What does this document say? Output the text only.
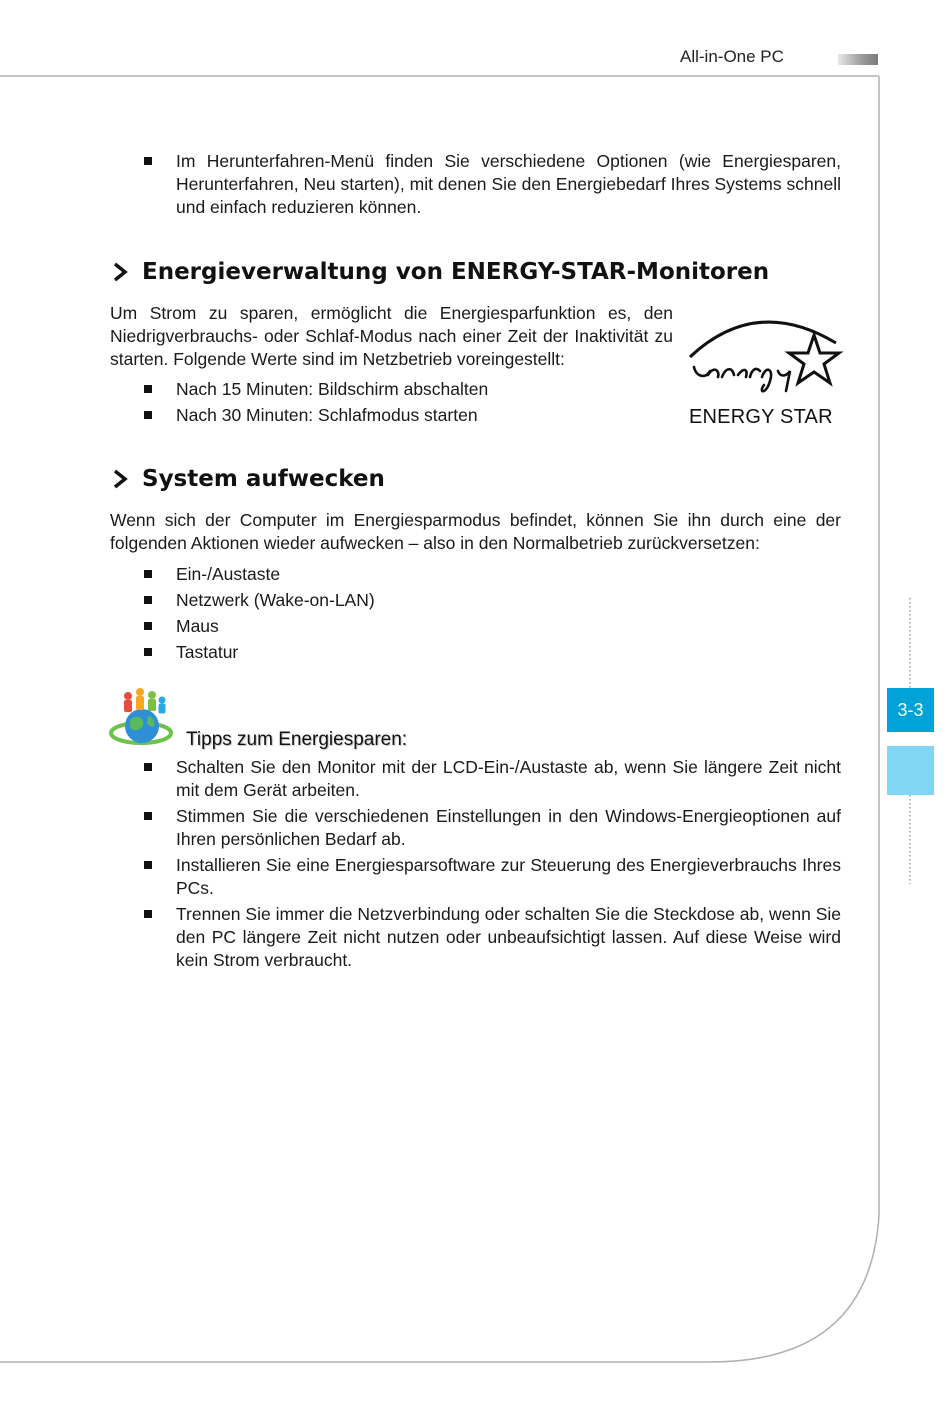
All-in-One PC
Im Herunterfahren-Menü finden Sie verschiedene Optionen (wie Energiesparen, Herunterfahren, Neu starten), mit denen Sie den Energiebedarf Ihres Systems schnell und einfach reduzieren können.
Energieverwaltung von ENERGY-STAR-Monitoren

Um Strom zu sparen, ermöglicht die Energiesparfunktion es, den Niedrigverbrauchs- oder Schlaf-Modus nach einer Zeit der Inaktivität zu starten. Folgende Werte sind im Netzbetrieb voreingestellt:

Nach 15 Minuten: Bildschirm abschalten
Nach 30 Minuten: Schlafmodus starten	ENERGY STAR
System aufwecken

Wenn sich der Computer im Energiesparmodus befindet, können Sie ihn durch eine der folgenden Aktionen wieder aufwecken – also in den Normalbetrieb zurückversetzen:

Ein-/Austaste
Netzwerk (Wake-on-LAN)
Maus
Tastatur
Tipps zum Energiesparen:
Schalten Sie den Monitor mit der LCD-Ein-/Austaste ab, wenn Sie längere Zeit nicht mit dem Gerät arbeiten.
Stimmen Sie die verschiedenen Einstellungen in den Windows-Energieoptionen auf Ihren persönlichen Bedarf ab.
Installieren Sie eine Energiesparsoftware zur Steuerung des Energieverbrauchs Ihres PCs.
Trennen Sie immer die Netzverbindung oder schalten Sie die Steckdose ab, wenn Sie den PC längere Zeit nicht nutzen oder unbeaufsichtigt lassen. Auf diese Weise wird kein Strom verbraucht.
3-3
